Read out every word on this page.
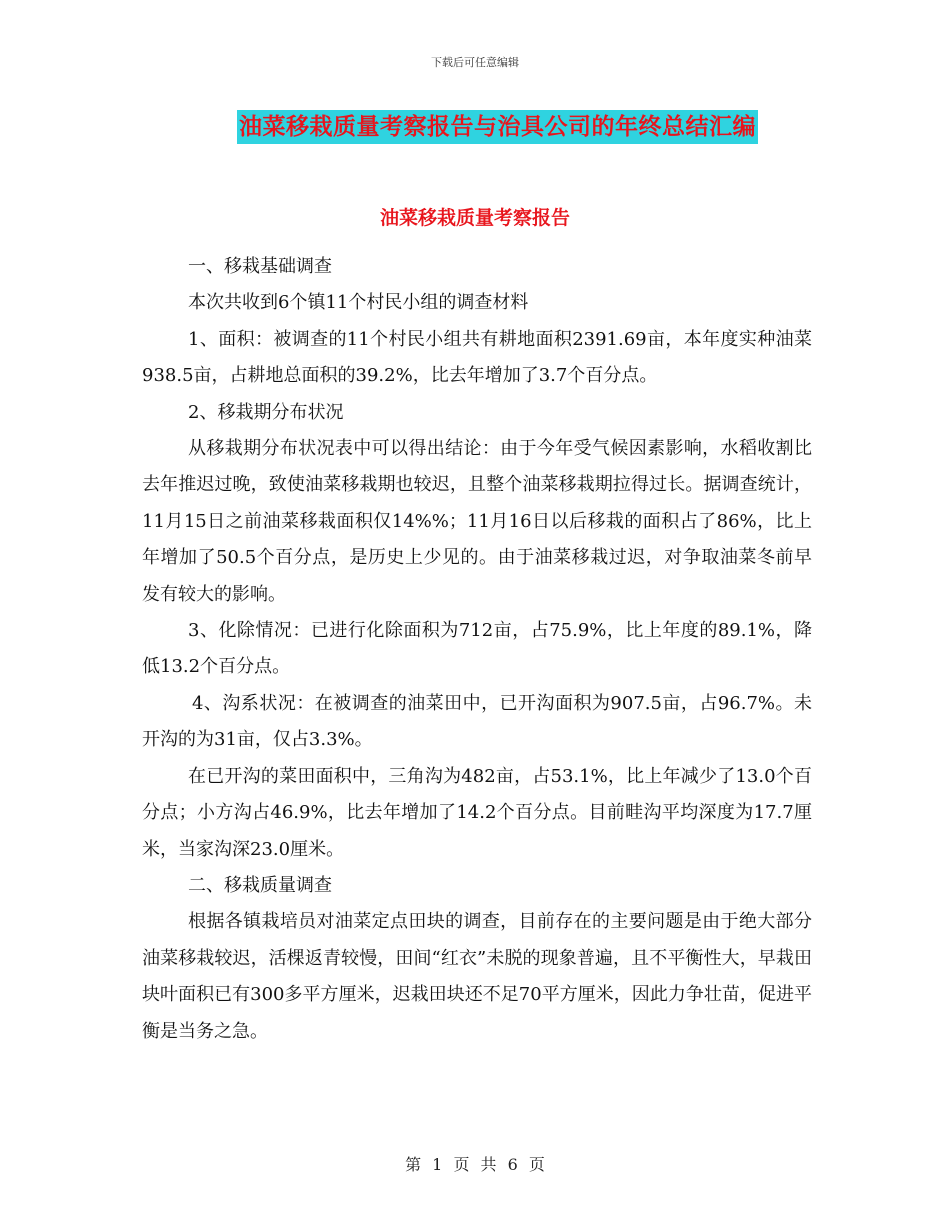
下载后可任意编辑
油菜移栽质量考察报告与治具公司的年终总结汇编
油菜移栽质量考察报告

一、移栽基础调查

本次共收到6个镇11个村民小组的调查材料

1、面积：被调查的11个村民小组共有耕地面积2391.69亩，本年度实种油菜938.5亩，占耕地总面积的39.2%，比去年增加了3.7个百分点。

2、移栽期分布状况

从移栽期分布状况表中可以得出结论：由于今年受气候因素影响，水稻收割比去年推迟过晚，致使油菜移栽期也较迟，且整个油菜移栽期拉得过长。据调查统计，11月15日之前油菜移栽面积仅14%%；11月16日以后移栽的面积占了86%，比上年增加了50.5个百分点，是历史上少见的。由于油菜移栽过迟，对争取油菜冬前早发有较大的影响。

3、化除情况：已进行化除面积为712亩，占75.9%，比上年度的89.1%，降低13.2个百分点。

4、沟系状况：在被调查的油菜田中，已开沟面积为907.5亩，占96.7%。未开沟的为31亩，仅占3.3%。

在已开沟的菜田面积中，三角沟为482亩，占53.1%，比上年减少了13.0个百分点；小方沟占46.9%，比去年增加了14.2个百分点。目前畦沟平均深度为17.7厘米，当家沟深23.0厘米。

二、移栽质量调查

根据各镇栽培员对油菜定点田块的调查，目前存在的主要问题是由于绝大部分油菜移栽较迟，活棵返青较慢，田间“红衣”未脱的现象普遍，且不平衡性大，早栽田块叶面积已有300多平方厘米，迟栽田块还不足70平方厘米，因此力争壮苗，促进平衡是当务之急。

第 1 页 共 6 页
